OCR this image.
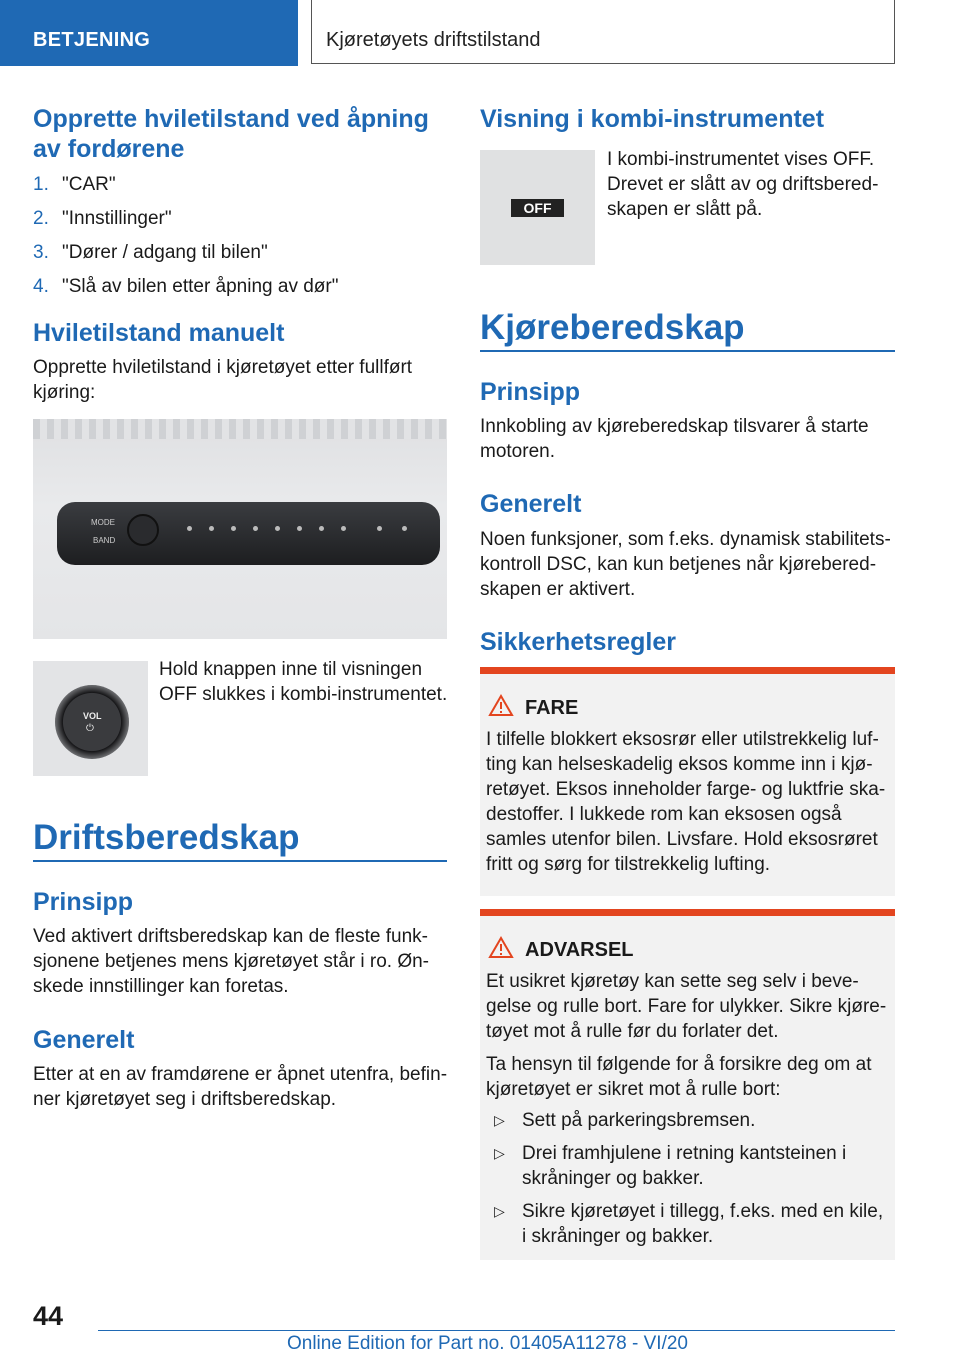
BETJENING	Kjøretøyets driftstilstand
Opprette hviletilstand ved åpning av fordørene
1. "CAR"
2. "Innstillinger"
3. "Dører / adgang til bilen"
4. "Slå av bilen etter åpning av dør"
Hviletilstand manuelt
Opprette hviletilstand i kjøretøyet etter fullført kjøring:
MODE
BAND
VOL
⏻
Hold knappen inne til visningen OFF slukkes i kombi-instrumentet.
Driftsberedskap
Prinsipp
Ved aktivert driftsberedskap kan de fleste funksjonene betjenes mens kjøretøyet står i ro. Ønskede innstillinger kan foretas.
Generelt
Etter at en av framdørene er åpnet utenfra, befinner kjøretøyet seg i driftsberedskap.
Visning i kombi-instrumentet
OFF
I kombi-instrumentet vises OFF. Drevet er slått av og driftsberedskapen er slått på.
Kjøreberedskap
Prinsipp
Innkobling av kjøreberedskap tilsvarer å starte motoren.
Generelt
Noen funksjoner, som f.eks. dynamisk stabilitetskontroll DSC, kan kun betjenes når kjøreberedskapen er aktivert.
Sikkerhetsregler
FARE
I tilfelle blokkert eksosrør eller utilstrekkelig lufting kan helseskadelig eksos komme inn i kjøretøyet. Eksos inneholder farge- og luktfrie skadestoffer. I lukkede rom kan eksosen også samles utenfor bilen. Livsfare. Hold eksosrøret fritt og sørg for tilstrekkelig lufting.
ADVARSEL
Et usikret kjøretøy kan sette seg selv i bevegelse og rulle bort. Fare for ulykker. Sikre kjøretøyet mot å rulle før du forlater det.
Ta hensyn til følgende for å forsikre deg om at kjøretøyet er sikret mot å rulle bort:
▷ Sett på parkeringsbremsen.
▷ Drei framhjulene i retning kantsteinen i skråninger og bakker.
▷ Sikre kjøretøyet i tillegg, f.eks. med en kile, i skråninger og bakker.
44
Online Edition for Part no. 01405A11278 - VI/20
